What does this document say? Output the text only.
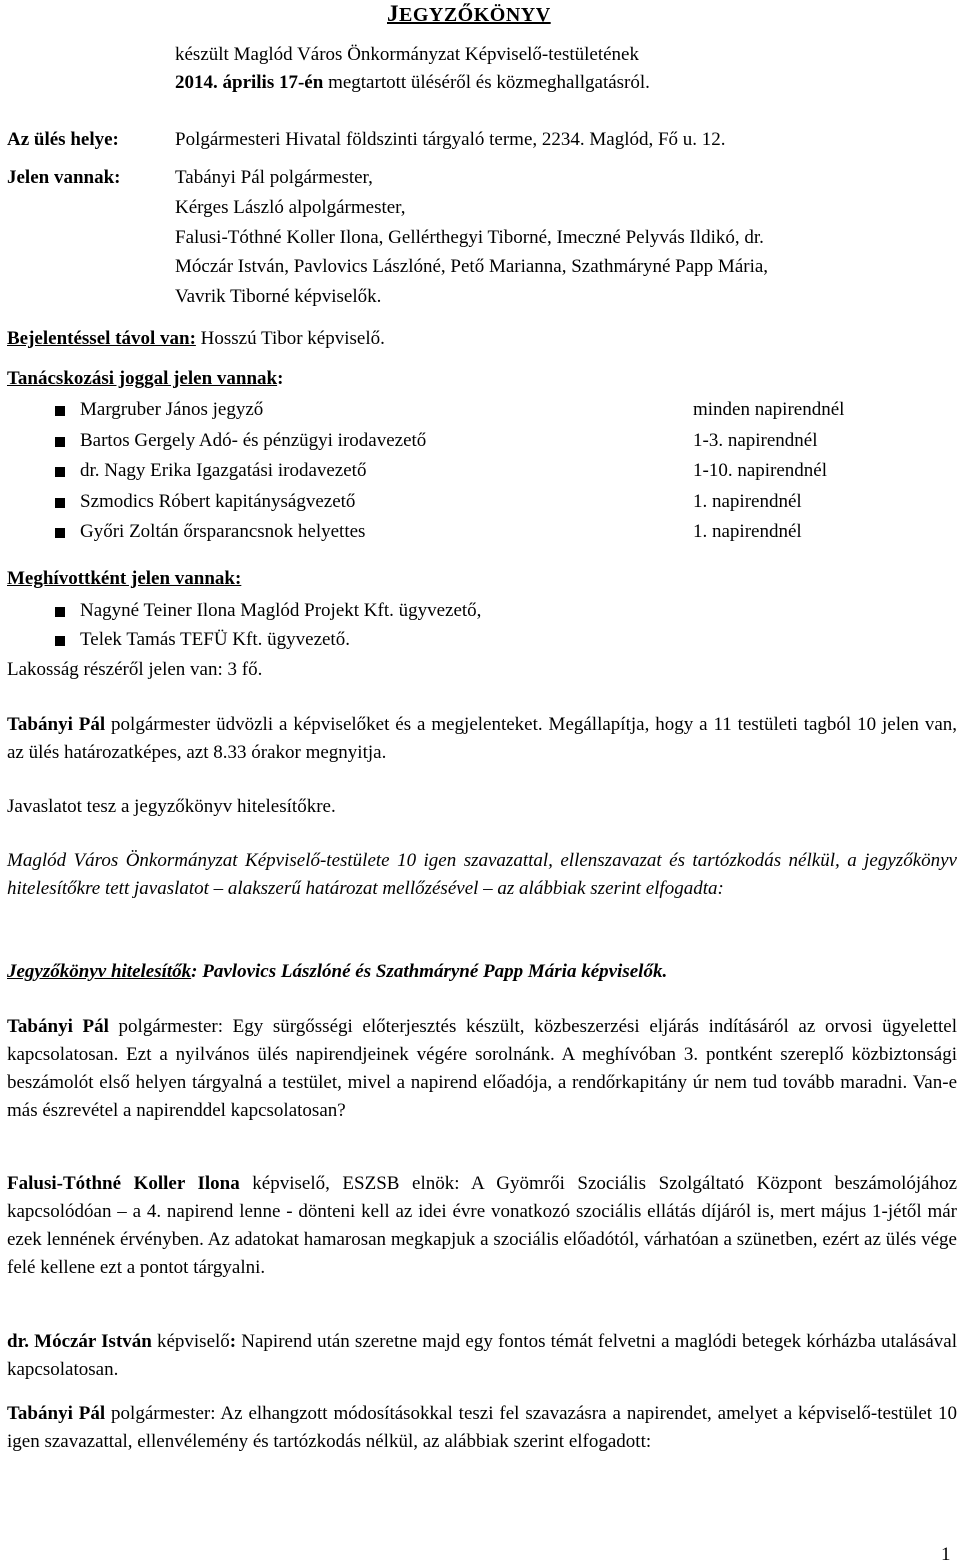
JEGYZŐKÖNYV
készült Maglód Város Önkormányzat Képviselő-testületének
2014. április 17-én megtartott üléséről és közmeghallgatásról.
Az ülés helye:	Polgármesteri Hivatal földszinti tárgyaló terme, 2234. Maglód, Fő u. 12.
Jelen vannak:	Tabányi Pál polgármester,
Kérges László alpolgármester,
Falusi-Tóthné Koller Ilona, Gellérthegyi Tiborné, Imeczné Pelyvás Ildikó, dr.
Móczár István, Pavlovics Lászlóné, Pető Marianna, Szathmáryné Papp Mária,
Vavrik Tiborné képviselők.
Bejelentéssel távol van: Hosszú Tibor képviselő.
Tanácskozási joggal jelen vannak:
Margruber János jegyző	minden napirendnél
Bartos Gergely Adó- és pénzügyi irodavezető	1-3. napirendnél
dr. Nagy Erika Igazgatási irodavezető	1-10. napirendnél
Szmodics Róbert kapitányságvezető	1. napirendnél
Győri Zoltán őrsparancsnok helyettes	1. napirendnél
Meghívottként jelen vannak:
Nagyné Teiner Ilona Maglód Projekt Kft. ügyvezető,
Telek Tamás TEFÜ Kft. ügyvezető.
Lakosság részéről jelen van: 3 fő.
Tabányi Pál polgármester üdvözli a képviselőket és a megjelenteket. Megállapítja, hogy a 11 testületi tagból 10 jelen van, az ülés határozatképes, azt 8.33 órakor megnyitja.
Javaslatot tesz a jegyzőkönyv hitelesítőkre.
Maglód Város Önkormányzat Képviselő-testülete 10 igen szavazattal, ellenszavazat és tartózkodás nélkül, a jegyzőkönyv hitelesítőkre tett javaslatot – alakszerű határozat mellőzésével – az alábbiak szerint elfogadta:
Jegyzőkönyv hitelesítők: Pavlovics Lászlóné és Szathmáryné Papp Mária képviselők.
Tabányi Pál polgármester: Egy sürgősségi előterjesztés készült, közbeszerzési eljárás indításáról az orvosi ügyelettel kapcsolatosan. Ezt a nyilvános ülés napirendjeinek végére sorolnánk. A meghívóban 3. pontként szereplő közbiztonsági beszámolót első helyen tárgyalná a testület, mivel a napirend előadója, a rendőrkapitány úr nem tud tovább maradni. Van-e más észrevétel a napirenddel kapcsolatosan?
Falusi-Tóthné Koller Ilona képviselő, ESZSB elnök: A Gyömrői Szociális Szolgáltató Központ beszámolójához kapcsolódóan – a 4. napirend lenne - dönteni kell az idei évre vonatkozó szociális ellátás díjáról is, mert május 1-jétől már ezek lennének érvényben. Az adatokat hamarosan megkapjuk a szociális előadótól, várhatóan a szünetben, ezért az ülés vége felé kellene ezt a pontot tárgyalni.
dr. Móczár István képviselő: Napirend után szeretne majd egy fontos témát felvetni a maglódi betegek kórházba utalásával kapcsolatosan.
Tabányi Pál polgármester: Az elhangzott módosításokkal teszi fel szavazásra a napirendet, amelyet a képviselő-testület 10 igen szavazattal, ellenvélemény és tartózkodás nélkül, az alábbiak szerint elfogadott:
1
